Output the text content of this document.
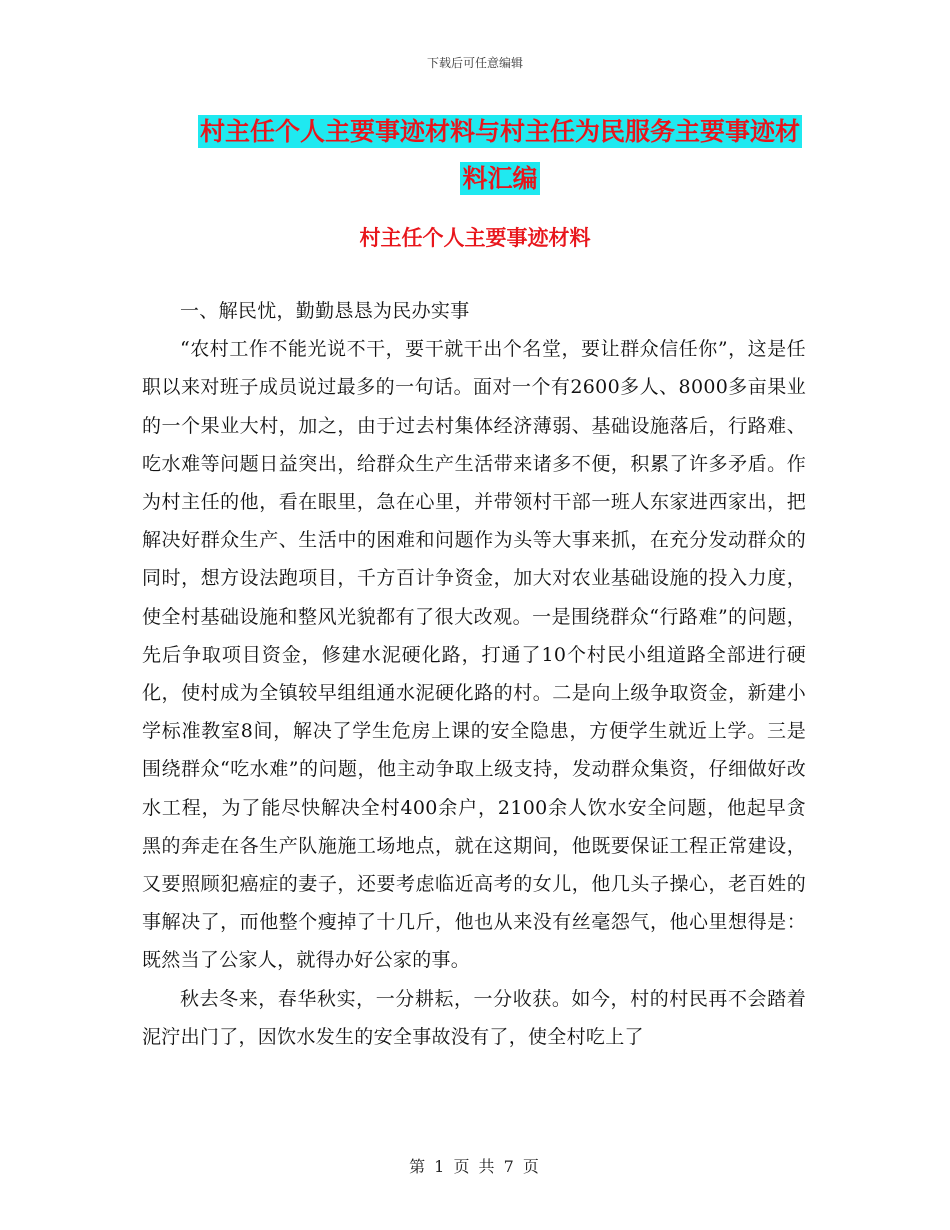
下载后可任意编辑
村主任个人主要事迹材料与村主任为民服务主要事迹材料汇编
村主任个人主要事迹材料

一、解民忧，勤勤恳恳为民办实事

“农村工作不能光说不干，要干就干出个名堂，要让群众信任你”，这是任职以来对班子成员说过最多的一句话。面对一个有2600多人、8000多亩果业的一个果业大村，加之，由于过去村集体经济薄弱、基础设施落后，行路难、吃水难等问题日益突出，给群众生产生活带来诸多不便，积累了许多矛盾。作为村主任的他，看在眼里，急在心里，并带领村干部一班人东家进西家出，把解决好群众生产、生活中的困难和问题作为头等大事来抓，在充分发动群众的同时，想方设法跑项目，千方百计争资金，加大对农业基础设施的投入力度，使全村基础设施和整风光貌都有了很大改观。一是围绕群众“行路难”的问题，先后争取项目资金，修建水泥硬化路，打通了10个村民小组道路全部进行硬化，使村成为全镇较早组组通水泥硬化路的村。二是向上级争取资金，新建小学标准教室8间，解决了学生危房上课的安全隐患，方便学生就近上学。三是围绕群众“吃水难”的问题，他主动争取上级支持，发动群众集资，仔细做好改水工程，为了能尽快解决全村400余户，2100余人饮水安全问题，他起早贪黑的奔走在各生产队施施工场地点，就在这期间，他既要保证工程正常建设，又要照顾犯癌症的妻子，还要考虑临近高考的女儿，他几头子操心，老百姓的事解决了，而他整个瘦掉了十几斤，他也从来没有丝毫怨气，他心里想得是：既然当了公家人，就得办好公家的事。

秋去冬来，春华秋实，一分耕耘，一分收获。如今，村的村民再不会踏着泥泞出门了，因饮水发生的安全事故没有了，使全村吃上了

第 1 页 共 7 页
